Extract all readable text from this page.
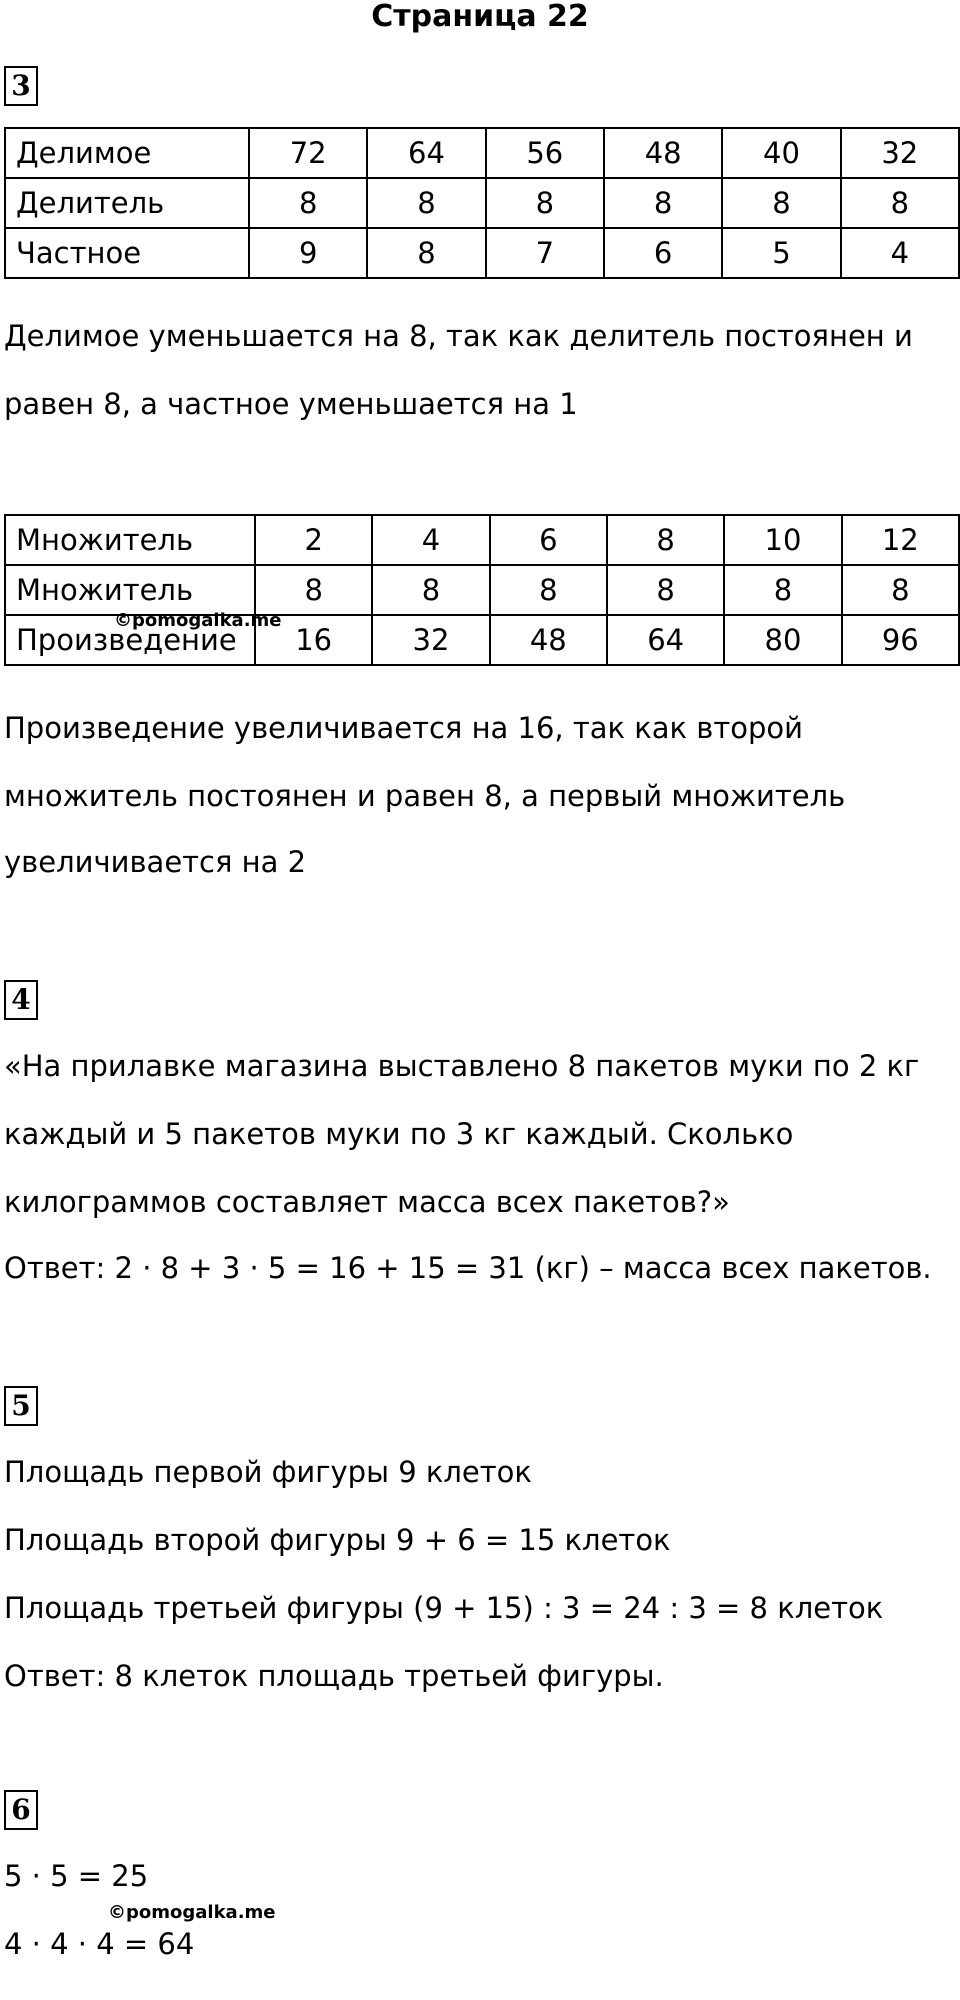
Страница 22
3
Делимое	72	64	56	48	40	32
Делитель	8	8	8	8	8	8
Частное	9	8	7	6	5	4
Делимое уменьшается на 8, так как делитель постоянен и
равен 8, а частное уменьшается на 1
Множитель	2	4	6	8	10	12
Множитель	8	8	8	8	8	8
Произведение	16	32	48	64	80	96
©pomogalka.me
Произведение увеличивается на 16, так как второй
множитель постоянен и равен 8, а первый множитель
увеличивается на 2
4
«На прилавке магазина выставлено 8 пакетов муки по 2 кг
каждый и 5 пакетов муки по 3 кг каждый. Сколько
килограммов составляет масса всех пакетов?»
Ответ: 2 · 8 + 3 · 5 = 16 + 15 = 31 (кг) – масса всех пакетов.
5
Площадь первой фигуры 9 клеток
Площадь второй фигуры 9 + 6 = 15 клеток
Площадь третьей фигуры (9 + 15) : 3 = 24 : 3 = 8 клеток
Ответ: 8 клеток площадь третьей фигуры.
6
5 · 5 = 25
©pomogalka.me
4 · 4 · 4 = 64
